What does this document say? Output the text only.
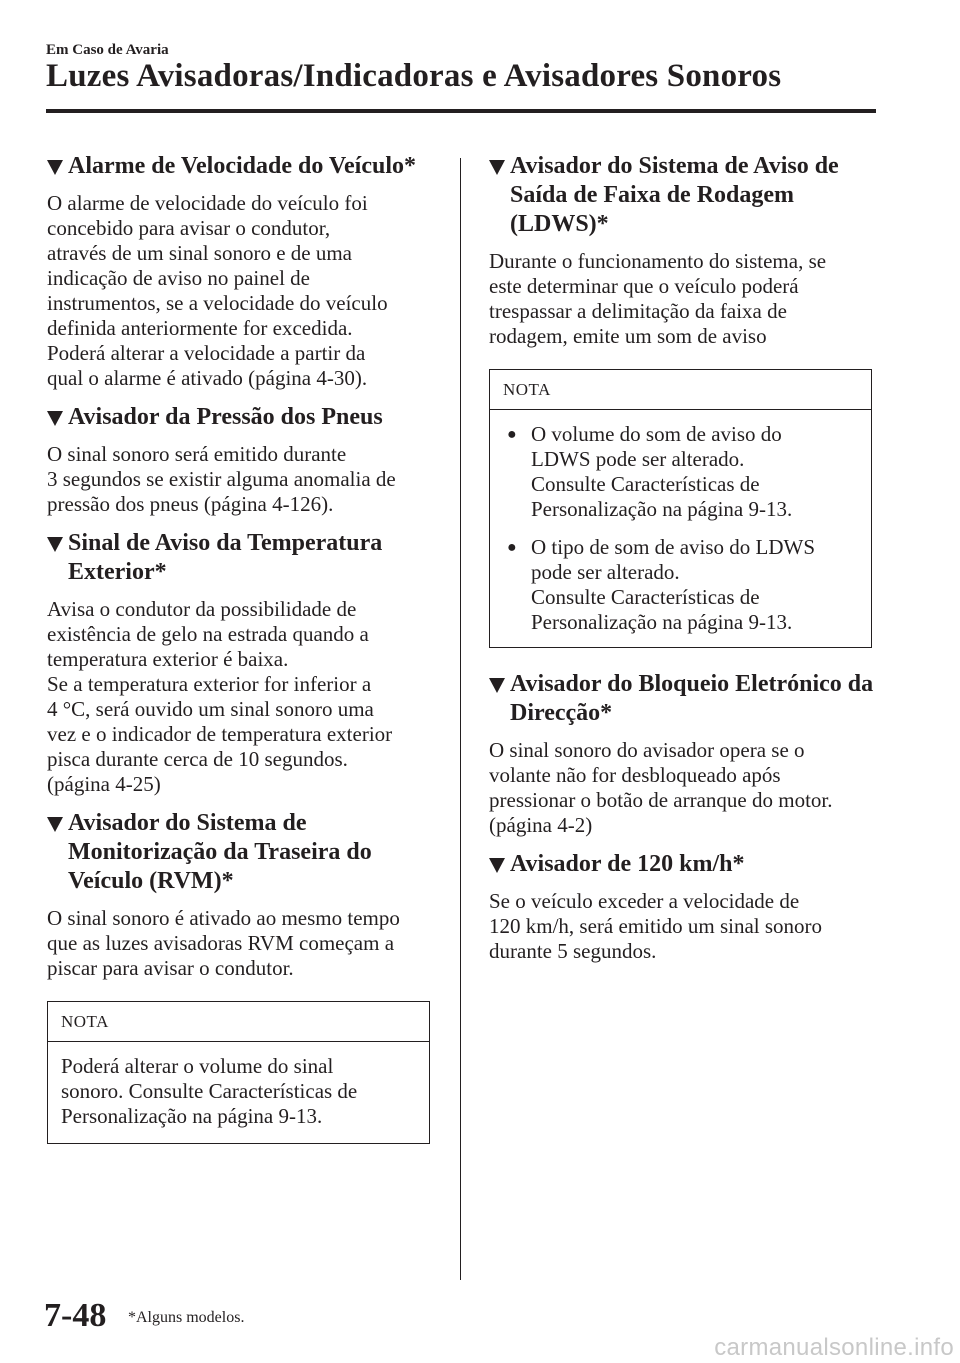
Em Caso de Avaria
Luzes Avisadoras/Indicadoras e Avisadores Sonoros
Alarme de Velocidade do Veículo*
O alarme de velocidade do veículo foi
concebido para avisar o condutor,
através de um sinal sonoro e de uma
indicação de aviso no painel de
instrumentos, se a velocidade do veículo
definida anteriormente for excedida.
Poderá alterar a velocidade a partir da
qual o alarme é ativado (página 4-30).
Avisador da Pressão dos Pneus
O sinal sonoro será emitido durante
3 segundos se existir alguma anomalia de
pressão dos pneus (página 4-126).
Sinal de Aviso da Temperatura Exterior*
Avisa o condutor da possibilidade de
existência de gelo na estrada quando a
temperatura exterior é baixa.
Se a temperatura exterior for inferior a
4 °C, será ouvido um sinal sonoro uma
vez e o indicador de temperatura exterior
pisca durante cerca de 10 segundos.
(página 4-25)
Avisador do Sistema de Monitorização da Traseira do Veículo (RVM)*
O sinal sonoro é ativado ao mesmo tempo
que as luzes avisadoras RVM começam a
piscar para avisar o condutor.
NOTA
Poderá alterar o volume do sinal
sonoro. Consulte Características de
Personalização na página 9-13.
Avisador do Sistema de Aviso de Saída de Faixa de Rodagem (LDWS)*
Durante o funcionamento do sistema, se
este determinar que o veículo poderá
trespassar a delimitação da faixa de
rodagem, emite um som de aviso
NOTA
● O volume do som de aviso do
LDWS pode ser alterado.
Consulte Características de
Personalização na página 9-13.
● O tipo de som de aviso do LDWS
pode ser alterado.
Consulte Características de
Personalização na página 9-13.
Avisador do Bloqueio Eletrónico da Direcção*
O sinal sonoro do avisador opera se o
volante não for desbloqueado após
pressionar o botão de arranque do motor.
(página 4-2)
Avisador de 120 km/h*
Se o veículo exceder a velocidade de
120 km/h, será emitido um sinal sonoro
durante 5 segundos.
7-48 *Alguns modelos.
carmanualsonline.info
